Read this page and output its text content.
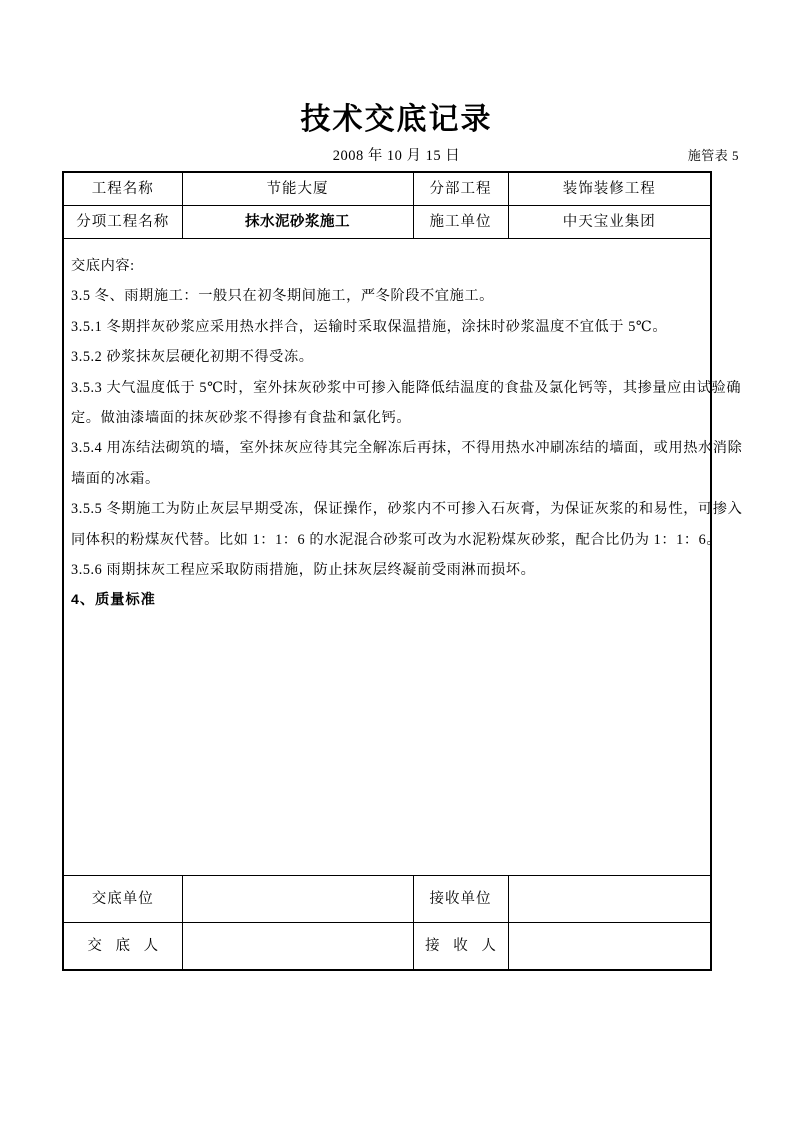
技术交底记录
2008 年 10 月 15 日	施管表 5
工程名称	节能大厦	分部工程	装饰装修工程
分项工程名称	抹水泥砂浆施工	施工单位	中天宝业集团

交底内容:
3.5 冬、雨期施工：一般只在初冬期间施工，严冬阶段不宜施工。
3.5.1 冬期拌灰砂浆应采用热水拌合，运输时采取保温措施，涂抹时砂浆温度不宜低于 5℃。
3.5.2 砂浆抹灰层硬化初期不得受冻。
3.5.3 大气温度低于 5℃时，室外抹灰砂浆中可掺入能降低结温度的食盐及氯化钙等，其掺量应由试验确
定。做油漆墙面的抹灰砂浆不得掺有食盐和氯化钙。
3.5.4 用冻结法砌筑的墙，室外抹灰应待其完全解冻后再抹，不得用热水冲刷冻结的墙面，或用热水消除
墙面的冰霜。
3.5.5 冬期施工为防止灰层早期受冻，保证操作，砂浆内不可掺入石灰膏，为保证灰浆的和易性，可掺入
同体积的粉煤灰代替。比如 1：1：6 的水泥混合砂浆可改为水泥粉煤灰砂浆，配合比仍为 1：1：6。
3.5.6 雨期抹灰工程应采取防雨措施，防止抹灰层终凝前受雨淋而损坏。
4、质量标准

交底单位		接收单位	
交 底 人		接 收 人	
